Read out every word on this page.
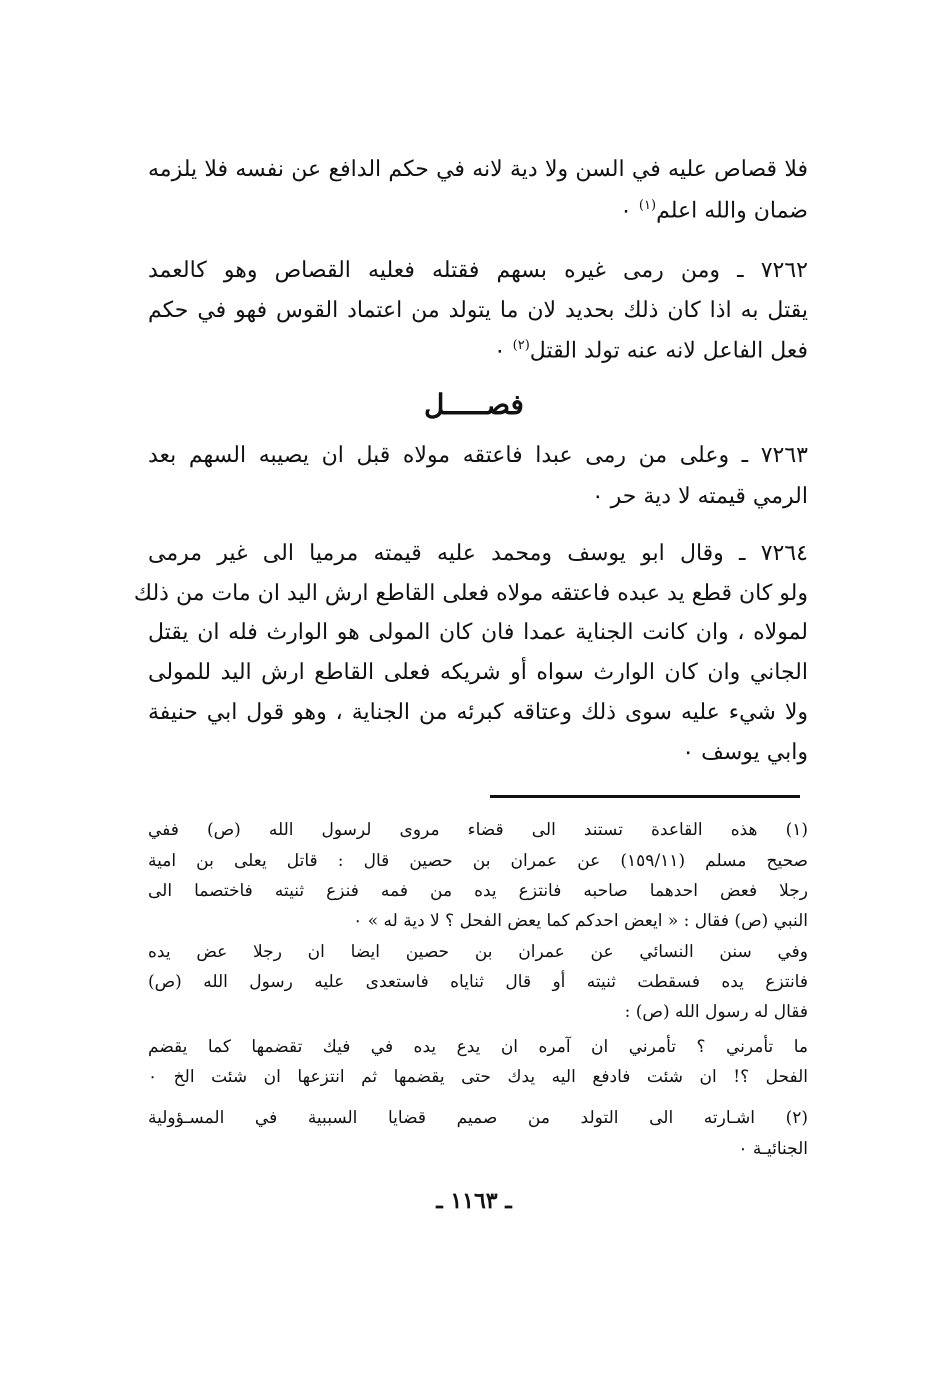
فلا قصاص عليه في السن ولا دية لانه في حكم الدافع عن نفسه فلا يلزمه
ضمان والله اعلم$^{(١)}$ ٠
٧٢٦٢ ـ ومن رمى غيره بسهم فقتله فعليه القصاص وهو كالعمد
يقتل به اذا كان ذلك بحديد لان ما يتولد من اعتماد القوس فهو في حكم
فعل الفاعل لانه عنه تولد القتل$^{(٢)}$ ٠
فصـــــل
٧٢٦٣ ـ وعلى من رمى عبدا فاعتقه مولاه قبل ان يصيبه السهم بعد
الرمي قيمته لا دية حر ٠
٧٢٦٤ ـ وقال ابو يوسف ومحمد عليه قيمته مرميا الى غير مرمى
ولو كان قطع يد عبده فاعتقه مولاه فعلى القاطع ارش اليد ان مات من ذلك
لمولاه ، وان كانت الجناية عمدا فان كان المولى هو الوارث فله ان يقتل
الجاني وان كان الوارث سواه أو شريكه فعلى القاطع ارش اليد للمولى
ولا شيء عليه سوى ذلك وعتاقه كبرئه من الجناية ، وهو قول ابي حنيفة
وابي يوسف ٠
(١) هذه القاعدة تستند الى قضاء مروى لرسول الله (ص) ففي
صحيح مسلم (١٥٩/١١) عن عمران بن حصين قال : قاتل يعلى بن امية
رجلا فعض احدهما صاحبه فانتزع يده من فمه فنزع ثنيته فاختصما الى
النبي (ص) فقال : « ايعض احدكم كما يعض الفحل ؟ لا دية له » ٠
وفي سنن النسائي عن عمران بن حصين ايضا ان رجلا عض يده
فانتزع يده فسقطت ثنيته أو قال ثناياه فاستعدى عليه رسول الله (ص)
فقال له رسول الله (ص) :
ما تأمرني ؟ تأمرني ان آمره ان يدع يده في فيك تقضمها كما يقضم
الفحل ؟! ان شئت فادفع اليه يدك حتى يقضمها ثم انتزعها ان شئت الخ ٠
(٢) اشـارته الى التولد من صميم قضايا السببية في المسـؤولية
الجنائيـة ٠
ـ ١١٦٣ ـ
